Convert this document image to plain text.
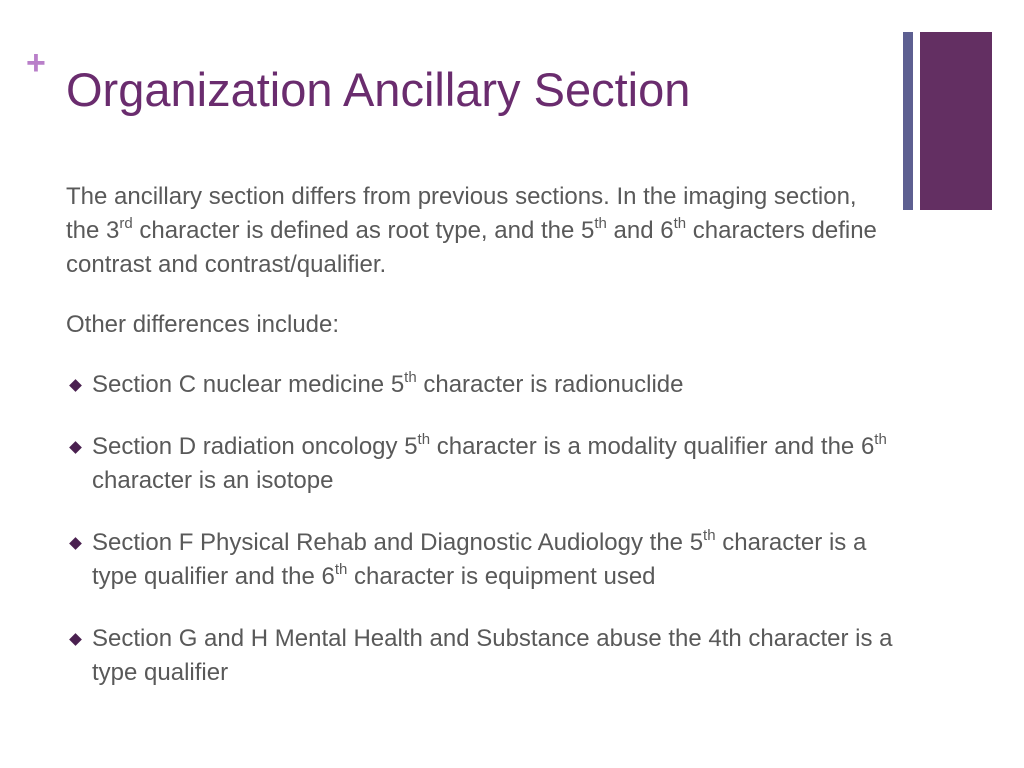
+ Organization Ancillary Section

The ancillary section differs from previous sections. In the imaging section, the 3rd character is defined as root type, and the 5th and 6th characters define contrast and contrast/qualifier.

Other differences include:

Section C nuclear medicine 5th character is radionuclide
Section D radiation oncology 5th character is a modality qualifier and the 6th character is an isotope
Section F Physical Rehab and Diagnostic Audiology the 5th character is a type qualifier and the 6th character is equipment used
Section G and H Mental Health and Substance abuse the 4th character is a type qualifier
